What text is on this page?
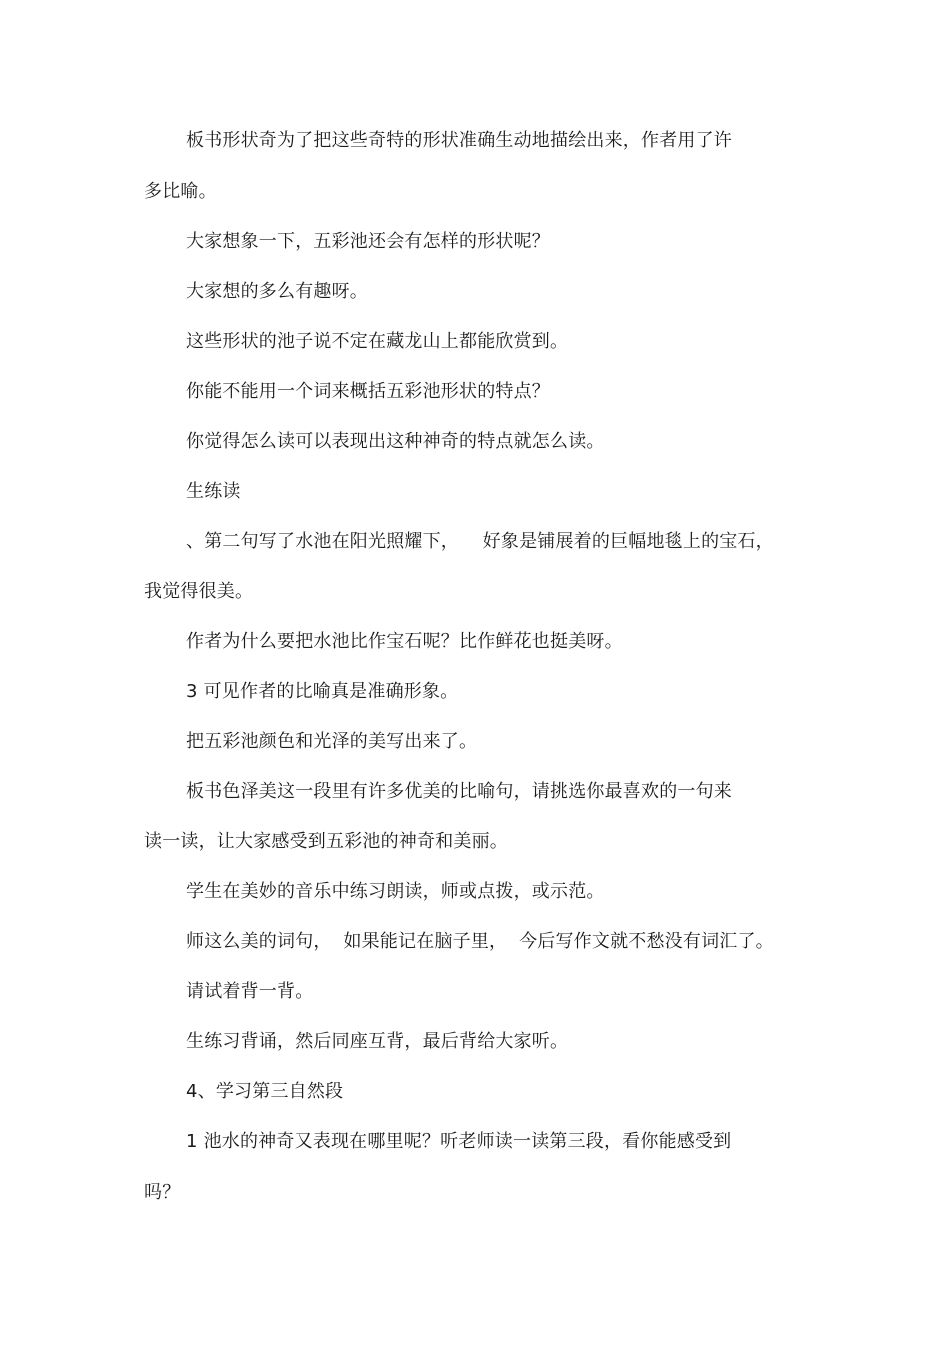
板书形状奇为了把这些奇特的形状准确生动地描绘出来，作者用了许
多比喻。
大家想象一下，五彩池还会有怎样的形状呢？
大家想的多么有趣呀。
这些形状的池子说不定在藏龙山上都能欣赏到。
你能不能用一个词来概括五彩池形状的特点？
你觉得怎么读可以表现出这种神奇的特点就怎么读。
生练读
、第二句写了水池在阳光照耀下，    好象是铺展着的巨幅地毯上的宝石，
我觉得很美。
作者为什么要把水池比作宝石呢？比作鲜花也挺美呀。
3 可见作者的比喻真是准确形象。
把五彩池颜色和光泽的美写出来了。
板书色泽美这一段里有许多优美的比喻句，请挑选你最喜欢的一句来
读一读，让大家感受到五彩池的神奇和美丽。
学生在美妙的音乐中练习朗读，师或点拨，或示范。
师这么美的词句，  如果能记在脑子里，  今后写作文就不愁没有词汇了。
请试着背一背。
生练习背诵，然后同座互背，最后背给大家听。
4、学习第三自然段
1 池水的神奇又表现在哪里呢？听老师读一读第三段，看你能感受到
吗？
